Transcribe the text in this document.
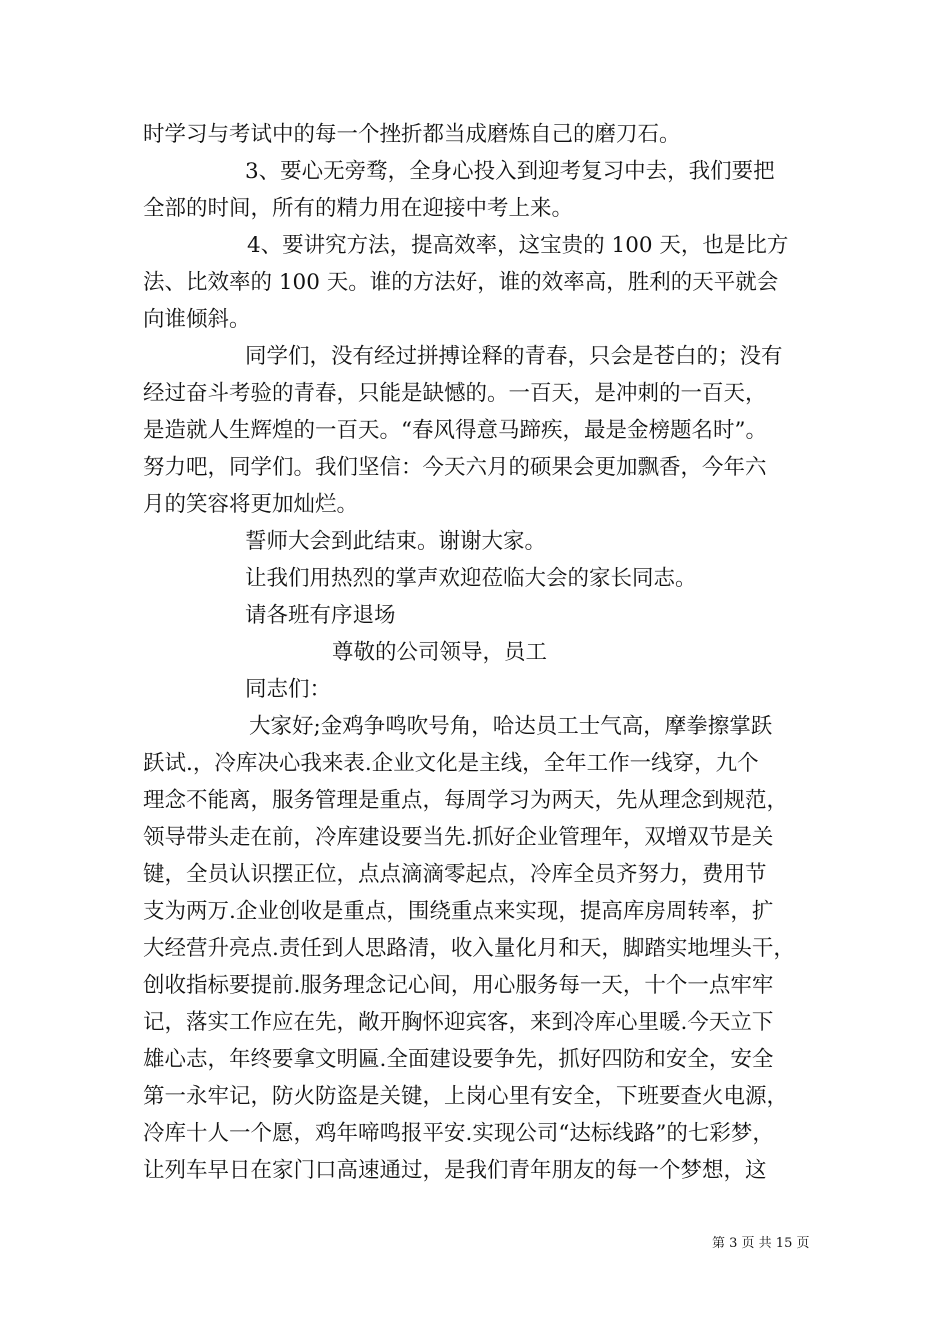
时学习与考试中的每一个挫折都当成磨炼自己的磨刀石。
3、要心无旁骛，全身心投入到迎考复习中去，我们要把
全部的时间，所有的精力用在迎接中考上来。
4、要讲究方法，提高效率，这宝贵的 100 天，也是比方
法、比效率的 100 天。谁的方法好，谁的效率高，胜利的天平就会
向谁倾斜。
同学们，没有经过拼搏诠释的青春，只会是苍白的；没有
经过奋斗考验的青春，只能是缺憾的。一百天，是冲刺的一百天，
是造就人生辉煌的一百天。“春风得意马蹄疾，最是金榜题名时”。
努力吧，同学们。我们坚信：今天六月的硕果会更加飘香，今年六
月的笑容将更加灿烂。
誓师大会到此结束。谢谢大家。
让我们用热烈的掌声欢迎莅临大会的家长同志。
请各班有序退场
尊敬的公司领导，员工
同志们：
大家好;金鸡争鸣吹号角，哈达员工士气高，摩拳擦掌跃
跃试.，冷库决心我来表.企业文化是主线，全年工作一线穿，九个
理念不能离，服务管理是重点，每周学习为两天，先从理念到规范，
领导带头走在前，冷库建设要当先.抓好企业管理年，双增双节是关
键，全员认识摆正位，点点滴滴零起点，冷库全员齐努力，费用节
支为两万.企业创收是重点，围绕重点来实现，提高库房周转率，扩
大经营升亮点.责任到人思路清，收入量化月和天，脚踏实地埋头干，
创收指标要提前.服务理念记心间，用心服务每一天，十个一点牢牢
记，落实工作应在先，敞开胸怀迎宾客，来到冷库心里暖.今天立下
雄心志，年终要拿文明匾.全面建设要争先，抓好四防和安全，安全
第一永牢记，防火防盗是关键，上岗心里有安全，下班要查火电源，
冷库十人一个愿，鸡年啼鸣报平安.实现公司“达标线路”的七彩梦，
让列车早日在家门口高速通过，是我们青年朋友的每一个梦想，这
第 3 页 共 15 页
